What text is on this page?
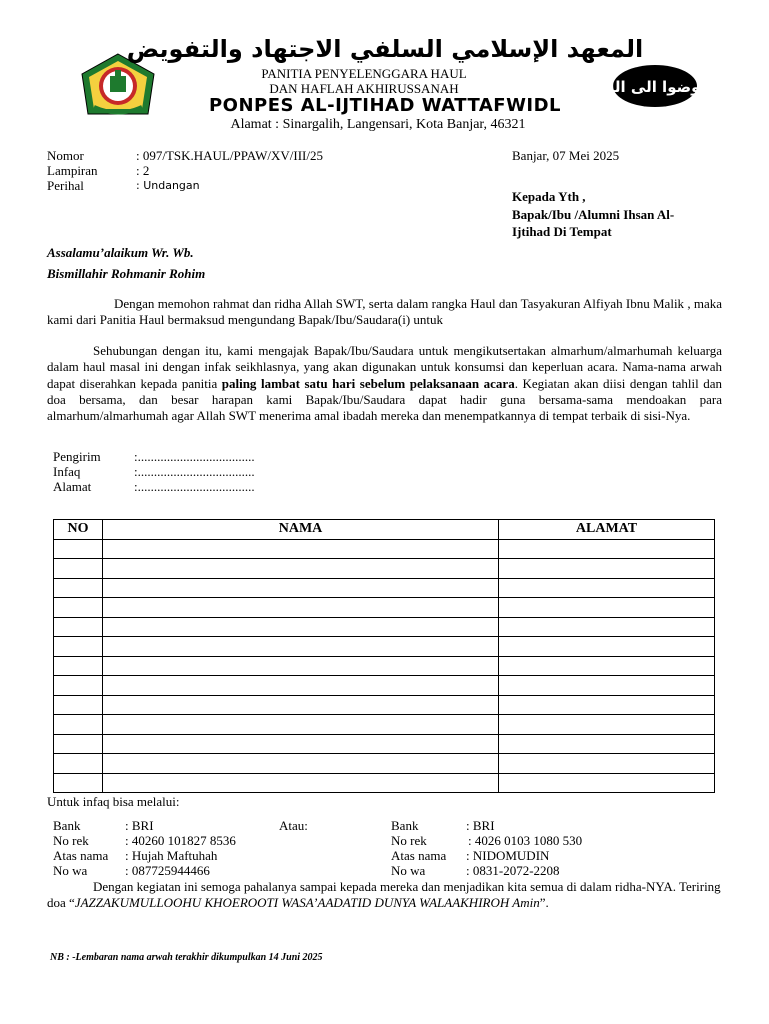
المعهد الإسلامي السلفي الاجتهاد والتفويض
PANITIA PENYELENGGARA HAUL
DAN HAFLAH AKHIRUSSANAH
PONPES AL-IJTIHAD WATTAFWIDL
Alamat : Sinargalih, Langensari, Kota Banjar, 46321
فوضوا الى الله
Nomor	: 097/TSK.HAUL/PPAW/XV/III/25
Lampiran	: 2
Perihal	: Undangan
Banjar, 07 Mei 2025
Kepada Yth ,
Bapak/Ibu /Alumni Ihsan Al-
Ijtihad Di Tempat
Assalamu’alaikum Wr. Wb.
Bismillahir Rohmanir Rohim
Dengan memohon rahmat dan ridha Allah SWT, serta dalam rangka Haul dan Tasyakuran Alfiyah Ibnu Malik , maka kami dari Panitia Haul bermaksud mengundang Bapak/Ibu/Saudara(i) untuk
Sehubungan dengan itu, kami mengajak Bapak/Ibu/Saudara untuk mengikutsertakan almarhum/almarhumah keluarga dalam haul masal ini dengan infak seikhlasnya, yang akan digunakan untuk konsumsi dan keperluan acara. Nama-nama arwah dapat diserahkan kepada panitia paling lambat satu hari sebelum pelaksanaan acara. Kegiatan akan diisi dengan tahlil dan doa bersama, dan besar harapan kami Bapak/Ibu/Saudara dapat hadir guna bersama-sama mendoakan para almarhum/almarhumah agar Allah SWT menerima amal ibadah mereka dan menempatkannya di tempat terbaik di sisi-Nya.
Pengirim	:....................................
Infaq	:....................................
Alamat	:....................................
NO	NAMA	ALAMAT

Untuk infaq bisa melalui:
Bank	: BRI
No rek	: 40260 101827 8536
Atas nama : Hujah Maftuhah
No wa	: 087725944466
Atau:	Bank	: BRI
No rek	: 4026 0103 1080 530
Atas nama : NIDOMUDIN
No wa	: 0831-2072-2208
Dengan kegiatan ini semoga pahalanya sampai kepada mereka dan menjadikan kita semua di dalam ridha-NYA. Teriring doa “JAZZAKUMULLOOHU KHOEROOTI WASA’AADATID DUNYA WALAAKHIROH Amin”.
NB : -Lembaran nama arwah terakhir dikumpulkan 14 Juni 2025
